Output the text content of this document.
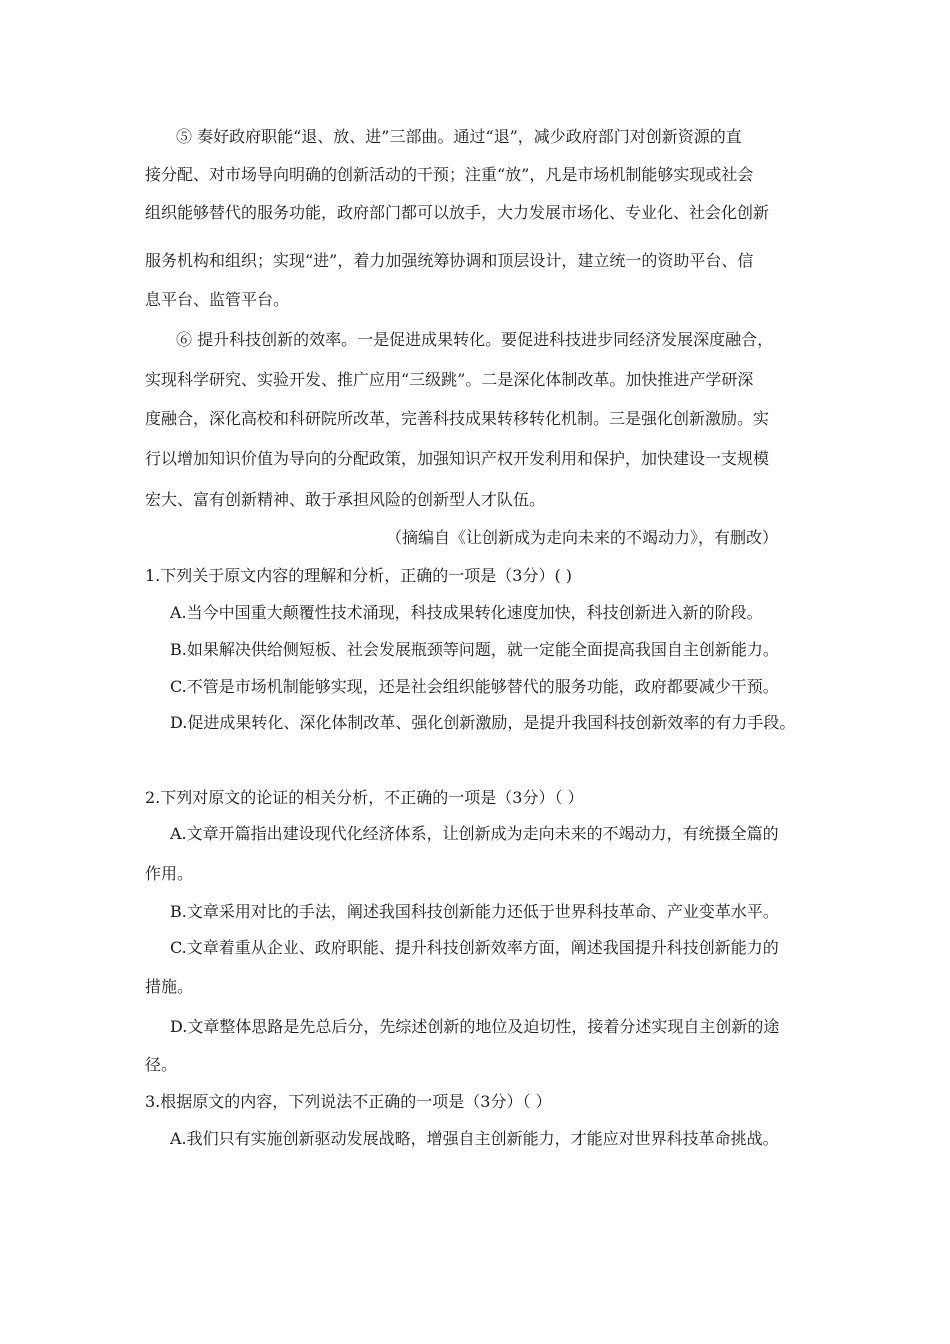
⑤ 奏好政府职能“退、放、进”三部曲。通过“退”，减少政府部门对创新资源的直
接分配、对市场导向明确的创新活动的干预；注重“放”，凡是市场机制能够实现或社会
组织能够替代的服务功能，政府部门都可以放手，大力发展市场化、专业化、社会化创新
服务机构和组织；实现“进”，着力加强统筹协调和顶层设计，建立统一的资助平台、信
息平台、监管平台。
⑥ 提升科技创新的效率。一是促进成果转化。要促进科技进步同经济发展深度融合，
实现科学研究、实验开发、推广应用“三级跳”。二是深化体制改革。加快推进产学研深
度融合，深化高校和科研院所改革，完善科技成果转移转化机制。三是强化创新激励。实
行以增加知识价值为导向的分配政策，加强知识产权开发利用和保护，加快建设一支规模
宏大、富有创新精神、敢于承担风险的创新型人才队伍。
（摘编自《让创新成为走向未来的不竭动力》，有删改）
1.下列关于原文内容的理解和分析，正确的一项是（3分）( )
A.当今中国重大颠覆性技术涌现，科技成果转化速度加快，科技创新进入新的阶段。
B.如果解决供给侧短板、社会发展瓶颈等问题，就一定能全面提高我国自主创新能力。
C.不管是市场机制能够实现，还是社会组织能够替代的服务功能，政府都要减少干预。
D.促进成果转化、深化体制改革、强化创新激励，是提升我国科技创新效率的有力手段。
2.下列对原文的论证的相关分析，不正确的一项是（3分）（ ）
A.文章开篇指出建设现代化经济体系，让创新成为走向未来的不竭动力，有统摄全篇的
作用。
B.文章采用对比的手法，阐述我国科技创新能力还低于世界科技革命、产业变革水平。
C.文章着重从企业、政府职能、提升科技创新效率方面，阐述我国提升科技创新能力的
措施。
D.文章整体思路是先总后分，先综述创新的地位及迫切性，接着分述实现自主创新的途
径。
3.根据原文的内容，下列说法不正确的一项是（3分）（ ）
A.我们只有实施创新驱动发展战略，增强自主创新能力，才能应对世界科技革命挑战。
